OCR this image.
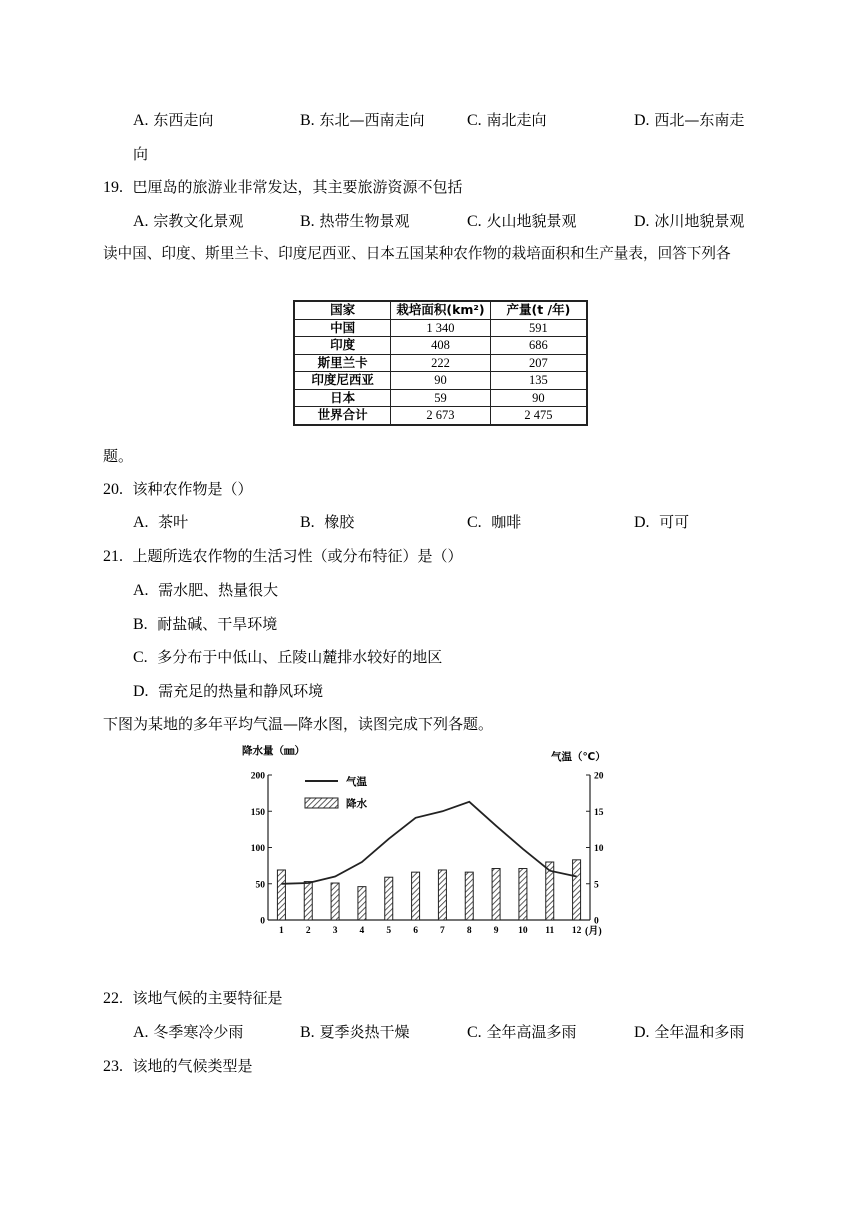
A. 东西走向	B. 东北—西南走向	C. 南北走向	D. 西北—东南走
向
19. 巴厘岛的旅游业非常发达，其主要旅游资源不包括
A. 宗教文化景观	B. 热带生物景观	C. 火山地貌景观	D. 冰川地貌景观
读中国、印度、斯里兰卡、印度尼西亚、日本五国某种农作物的栽培面积和生产量表，回答下列各
国家	栽培面积(km²)	产量(t /年)
中国	1 340	591
印度	408	686
斯里兰卡	222	207
印度尼西亚	90	135
日本	59	90
世界合计	2 673	2 475
题。
20. 该种农作物是（）
A. 茶叶	B. 橡胶	C. 咖啡	D. 可可
21. 上题所选农作物的生活习性（或分布特征）是（）
A. 需水肥、热量很大
B. 耐盐碱、干旱环境
C. 多分布于中低山、丘陵山麓排水较好的地区
D. 需充足的热量和静风环境
下图为某地的多年平均气温—降水图，读图完成下列各题。
降水量（㎜）	气温（℃）
0
50
100
150
200
0
5
10
15
20
1 2 3 4 5 6 7 8 9 10 11 12
气温
降水
(月)
22. 该地气候的主要特征是
A. 冬季寒冷少雨	B. 夏季炎热干燥	C. 全年高温多雨	D. 全年温和多雨
23. 该地的气候类型是
